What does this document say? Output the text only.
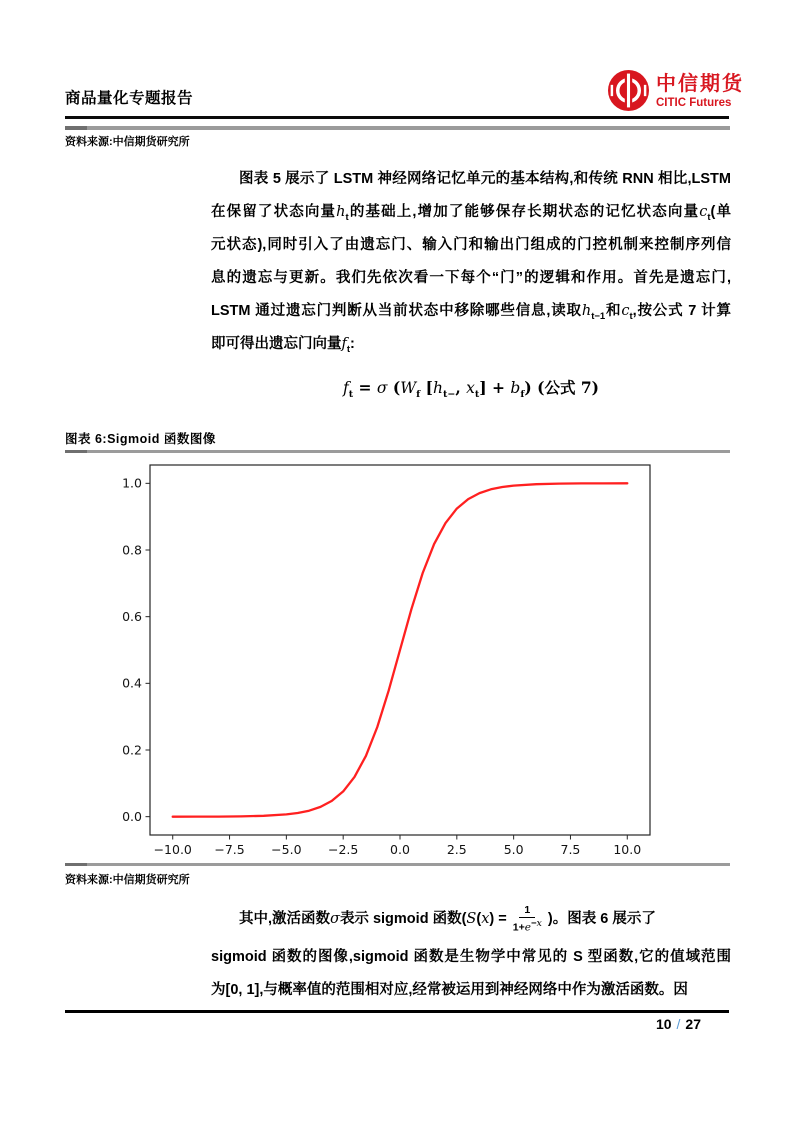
商品量化专题报告
中信期货
CITIC Futures
资料来源:中信期货研究所
图表 5 展示了 LSTM 神经网络记忆单元的基本结构,和传统 RNN 相比,LSTM
在保留了状态向量$h_t$的基础上,增加了能够保存长期状态的记忆状态向量$c_t$(单
元状态),同时引入了由遗忘门、输入门和输出门组成的门控机制来控制序列信
息的遗忘与更新。我们先依次看一下每个“门”的逻辑和作用。首先是遗忘门,
LSTM 通过遗忘门判断从当前状态中移除哪些信息,读取$h_{t-1}$和$c_t$,按公式 7 计算
即可得出遗忘门向量$f_t$:
$f_t = \sigma$ ($W_f$ [$h_{t-}$, $x_t] + b_f$) (公式 7)
图表 6:Sigmoid 函数图像
−10.0 −7.5 −5.0 −2.5	0.0	2.5	5.0	7.5	10.0
0.0
0.2
0.4
0.6
0.8
1.0
资料来源:中信期货研究所
其中,激活函数σ表示 sigmoid 函数($S(x) = \frac{1}{1+e^{-x}}$ )。图表 6 展示了
sigmoid 函数的图像,sigmoid 函数是生物学中常见的 S 型函数,它的值域范围
为[0, 1],与概率值的范围相对应,经常被运用到神经网络中作为激活函数。因
10 / 27
